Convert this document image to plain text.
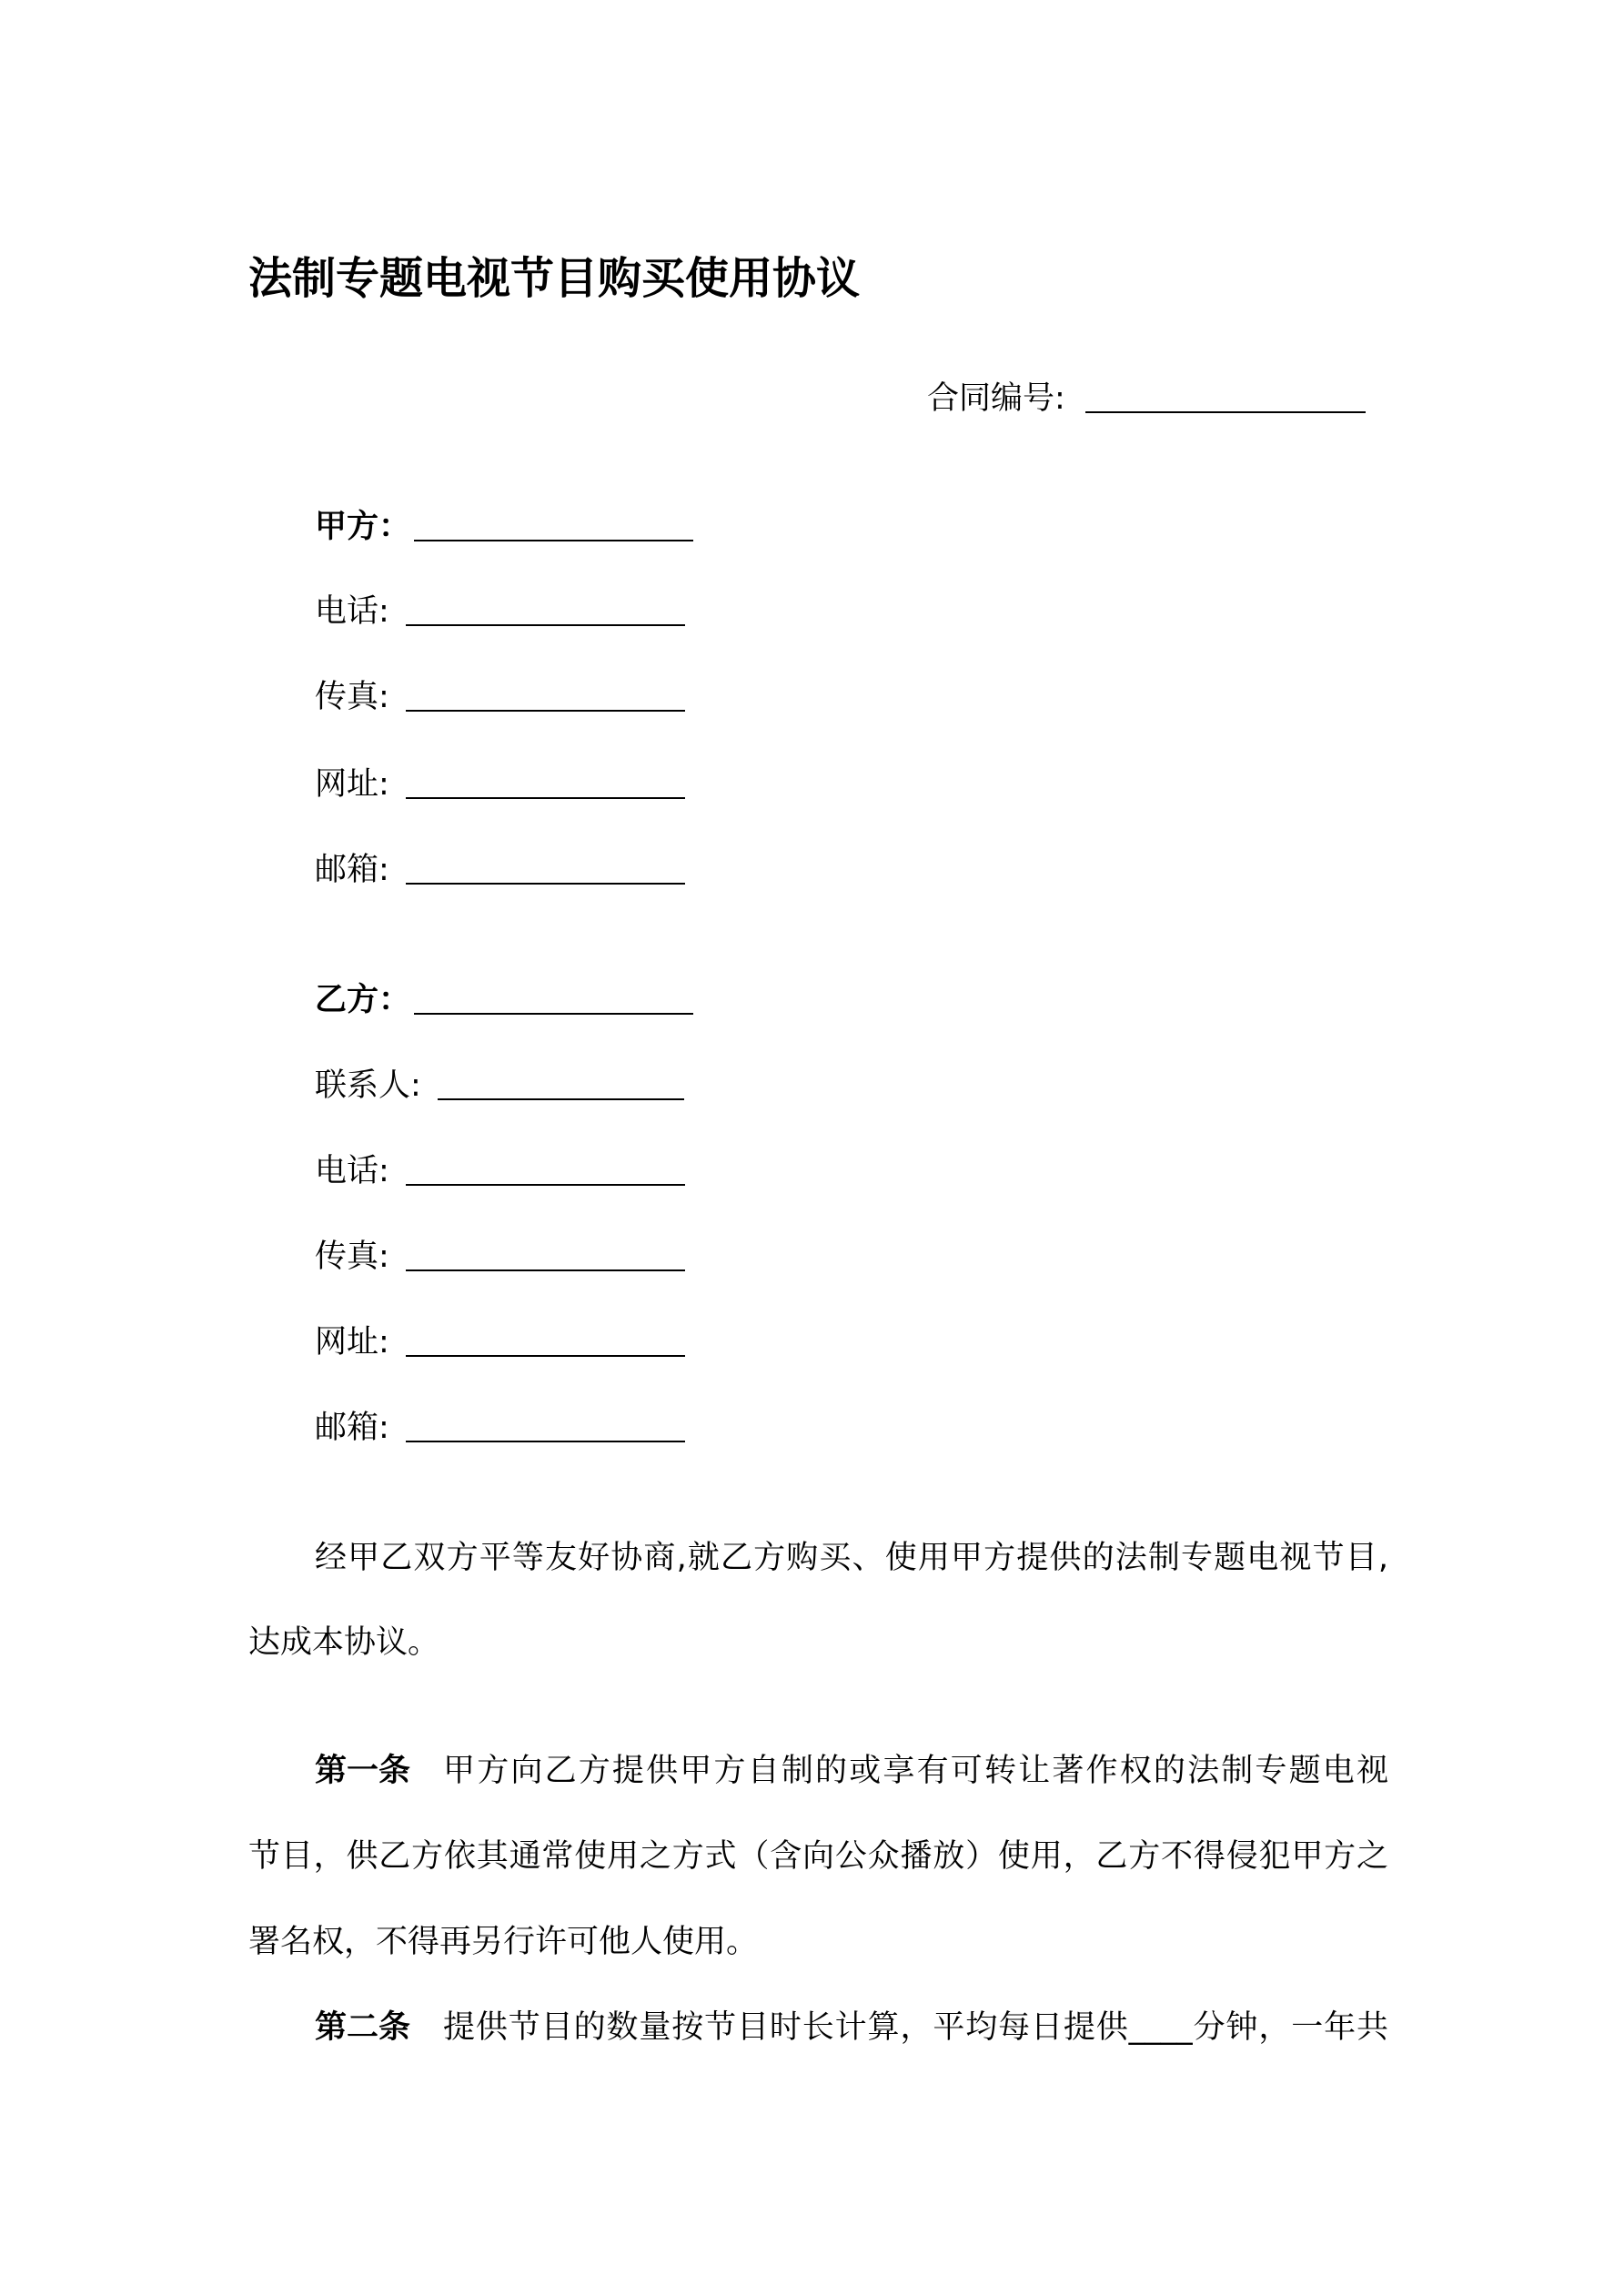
法制专题电视节目购买使用协议
合同编号:
甲方：
电话:
传真:
网址:
邮箱:
乙方：
联系人:
电话:
传真:
网址:
邮箱:
经甲乙双方平等友好协商,就乙方购买、使用甲方提供的法制专题电视节目,
达成本协议。
第一条 甲方向乙方提供甲方自制的或享有可转让著作权的法制专题电视
节目，供乙方依其通常使用之方式（含向公众播放）使用，乙方不得侵犯甲方之
署名权，不得再另行许可他人使用。
第二条 提供节目的数量按节目时长计算，平均每日提供____分钟，一年共
